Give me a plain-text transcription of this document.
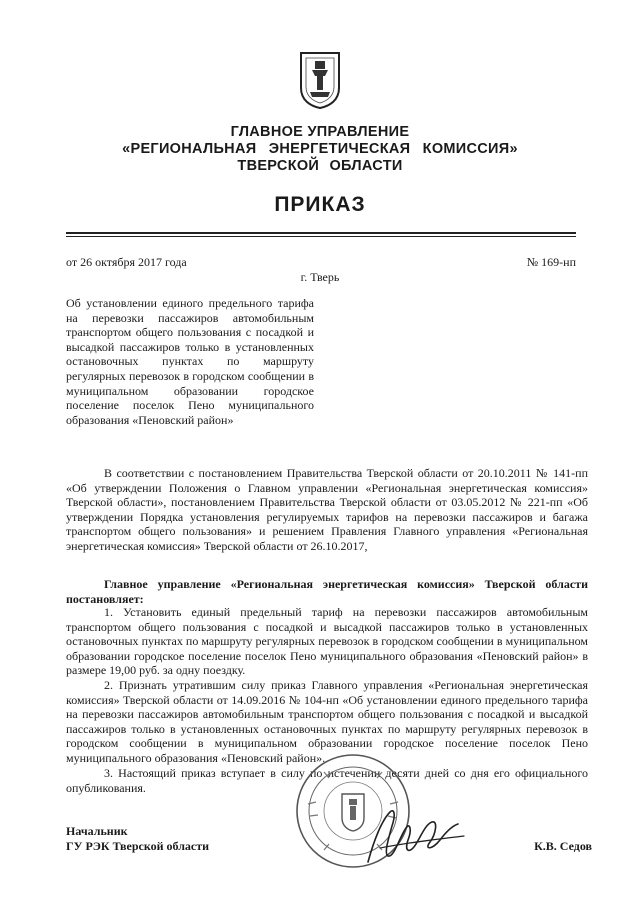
ГЛАВНОЕ УПРАВЛЕНИЕ
«РЕГИОНАЛЬНАЯ ЭНЕРГЕТИЧЕСКАЯ КОМИССИЯ»
ТВЕРСКОЙ ОБЛАСТИ
ПРИКАЗ
от 26 октября 2017 года	№ 169-нп
г. Тверь
Об установлении единого предельного тарифа на перевозки пассажиров автомобильным транспортом общего пользования с посадкой и высадкой пассажиров только в установленных остановочных пунктах по маршруту регулярных перевозок в городском сообщении в муниципальном образовании городское поселение поселок Пено муниципального образования «Пеновский район»
В соответствии с постановлением Правительства Тверской области от 20.10.2011 № 141-пп «Об утверждении Положения о Главном управлении «Региональная энергетическая комиссия» Тверской области», постановлением Правительства Тверской области от 03.05.2012 № 221-пп «Об утверждении Порядка установления регулируемых тарифов на перевозки пассажиров и багажа транспортом общего пользования» и решением Правления Главного управления «Региональная энергетическая комиссия» Тверской области от 26.10.2017,
Главное управление «Региональная энергетическая комиссия» Тверской области постановляет:
1. Установить единый предельный тариф на перевозки пассажиров автомобильным транспортом общего пользования с посадкой и высадкой пассажиров только в установленных остановочных пунктах по маршруту регулярных перевозок в городском сообщении в муниципальном образовании городское поселение поселок Пено муниципального образования «Пеновский район» в размере 19,00 руб. за одну поездку.
2. Признать утратившим силу приказ Главного управления «Региональная энергетическая комиссия» Тверской области от 14.09.2016 № 104-нп «Об установлении единого предельного тарифа на перевозки пассажиров автомобильным транспортом общего пользования с посадкой и высадкой пассажиров только в установленных остановочных пунктах по маршруту регулярных перевозок в городском сообщении в муниципальном образовании городское поселение поселок Пено муниципального образования «Пеновский район».
3. Настоящий приказ вступает в силу по истечении десяти дней со дня его официального опубликования.
Начальник
ГУ РЭК Тверской области	К.В. Седов
